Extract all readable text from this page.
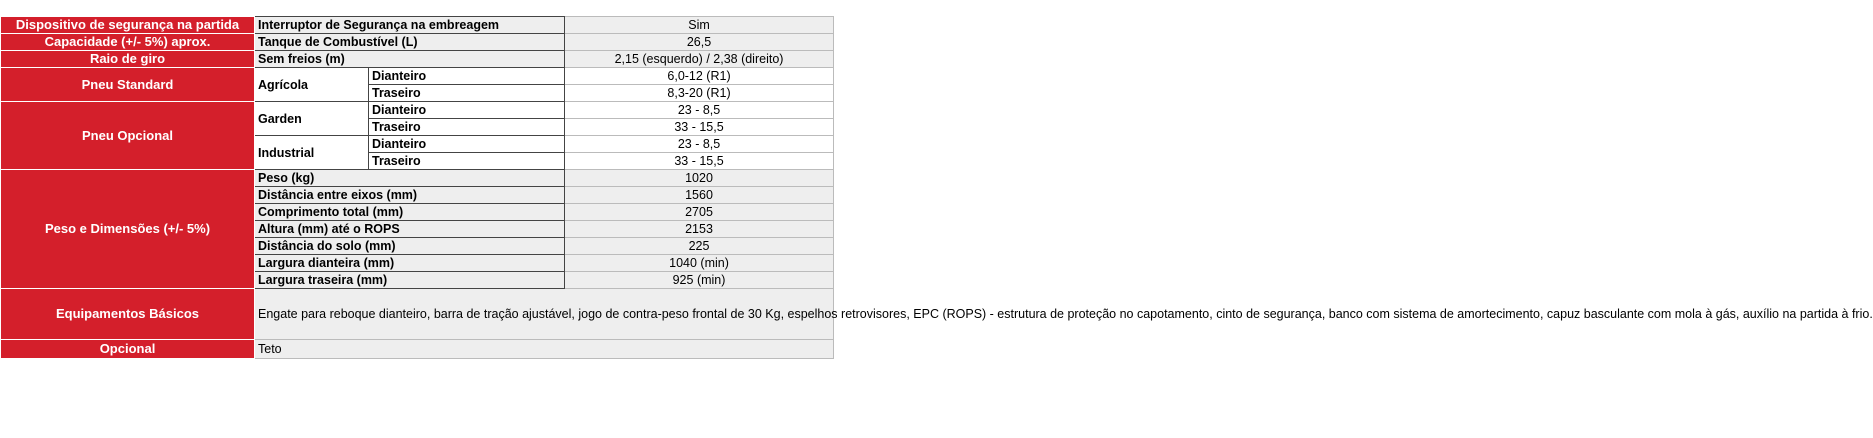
Dispositivo de segurança na partida	Interruptor de Segurança na embreagem		Sim
Capacidade (+/- 5%) aprox.	Tanque de Combustível (L)		26,5
Raio de giro	Sem freios (m)		2,15 (esquerdo) / 2,38 (direito)
Pneu Standard	Agrícola	Dianteiro	6,0-12 (R1)
		Traseiro	8,3-20 (R1)
Pneu Opcional	Garden	Dianteiro	23 - 8,5
		Traseiro	33 - 15,5
	Industrial	Dianteiro	23 - 8,5
		Traseiro	33 - 15,5
Peso e Dimensões (+/- 5%)	Peso (kg)		1020
	Distância entre eixos (mm)		1560
	Comprimento total (mm)		2705
	Altura (mm) até o ROPS		2153
	Distância do solo (mm)		225
	Largura dianteira (mm)		1040 (min)
	Largura traseira (mm)		925 (min)
Equipamentos Básicos	Engate para reboque dianteiro, barra de tração ajustável, jogo de contra-peso frontal de 30 Kg, espelhos retrovisores, EPC (ROPS) - estrutura de proteção no capotamento, cinto de segurança, banco com sistema de amortecimento, capuz basculante com mola à gás, auxílio na partida à frio.		
Opcional	Teto		
